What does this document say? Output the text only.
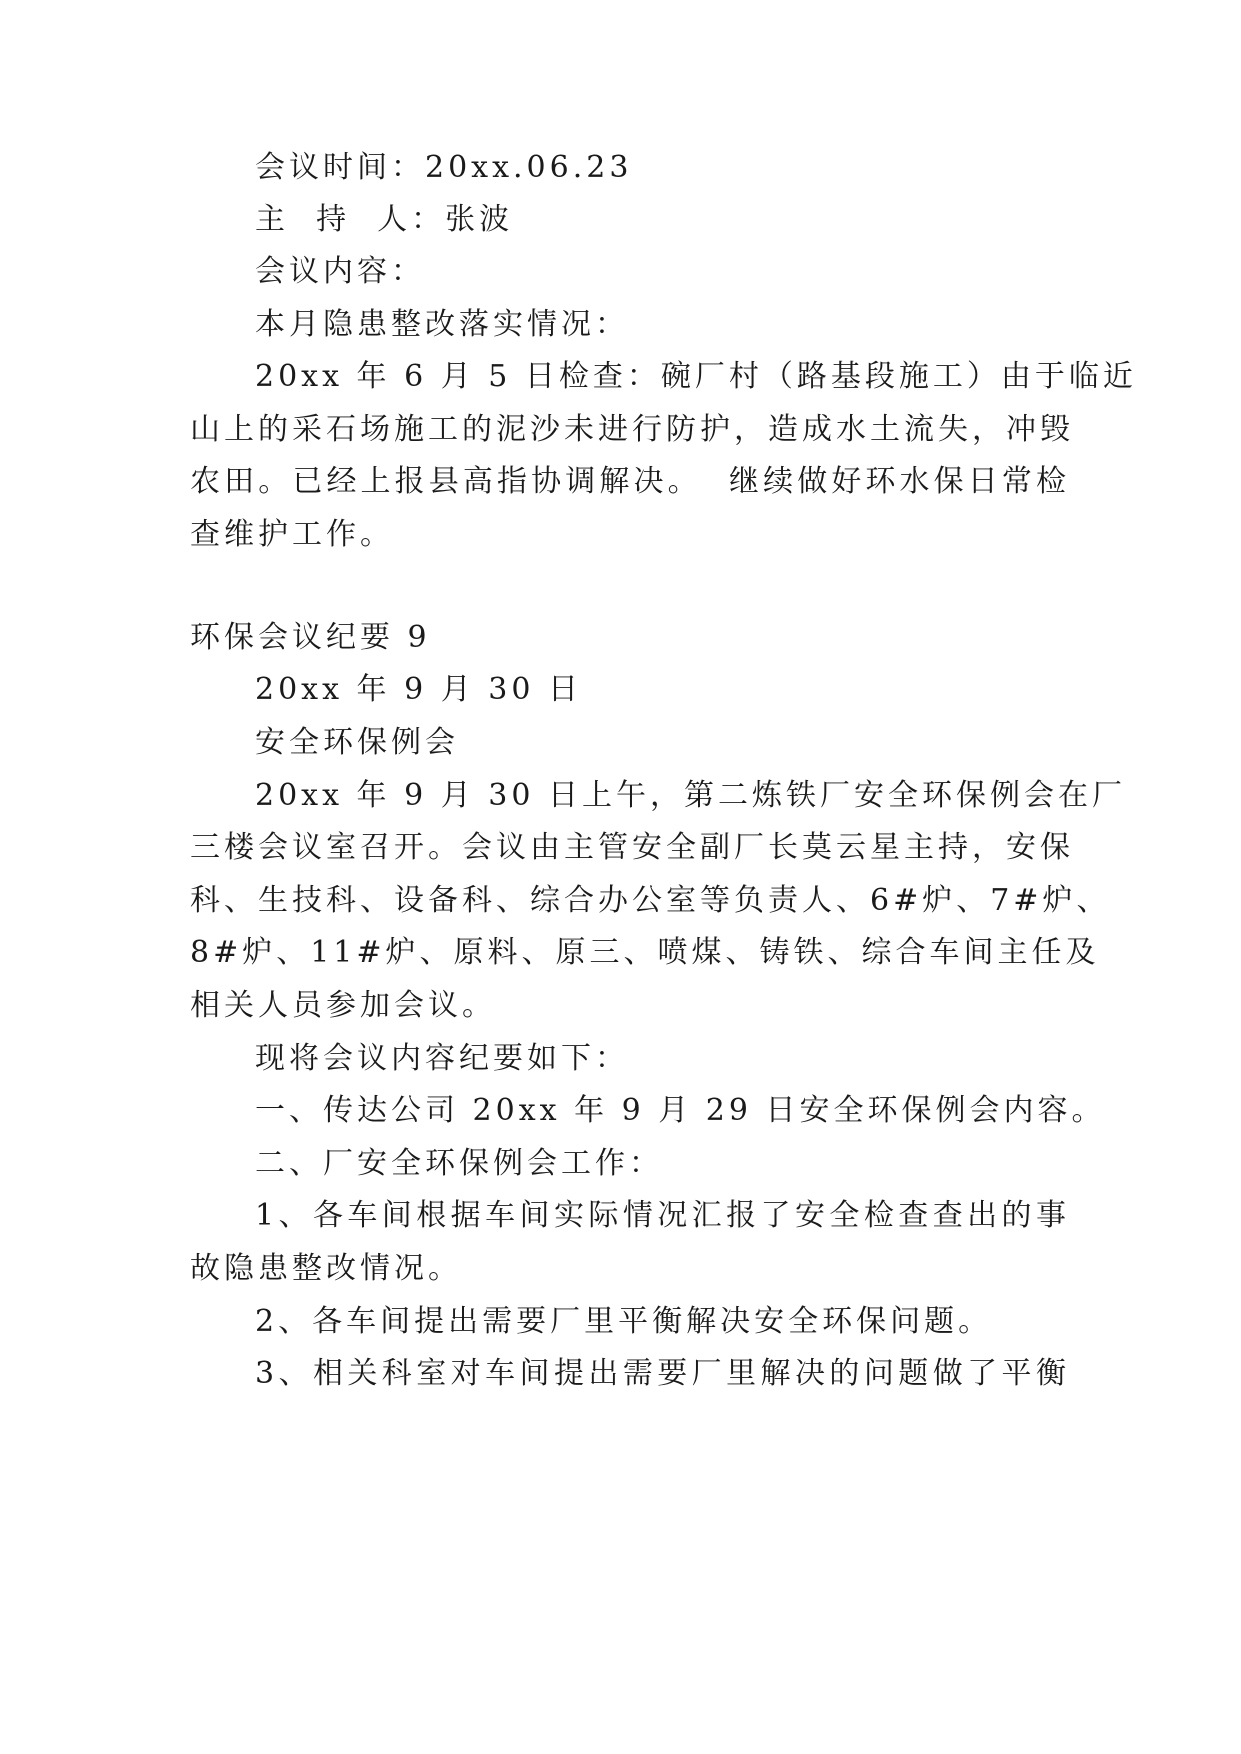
会议时间：20xx.06.23
主  持  人：张波
会议内容：
本月隐患整改落实情况：
20xx 年 6 月 5 日检查：碗厂村（路基段施工）由于临近
山上的采石场施工的泥沙未进行防护，造成水土流失，冲毁
农田。已经上报县高指协调解决。  继续做好环水保日常检
查维护工作。
环保会议纪要 9
20xx 年 9 月 30 日
安全环保例会
20xx 年 9 月 30 日上午，第二炼铁厂安全环保例会在厂
三楼会议室召开。会议由主管安全副厂长莫云星主持，安保
科、生技科、设备科、综合办公室等负责人、6#炉、7#炉、
8#炉、11#炉、原料、原三、喷煤、铸铁、综合车间主任及
相关人员参加会议。
现将会议内容纪要如下：
一、传达公司 20xx 年 9 月 29 日安全环保例会内容。
二、厂安全环保例会工作：
1、各车间根据车间实际情况汇报了安全检查查出的事
故隐患整改情况。
2、各车间提出需要厂里平衡解决安全环保问题。
3、相关科室对车间提出需要厂里解决的问题做了平衡
